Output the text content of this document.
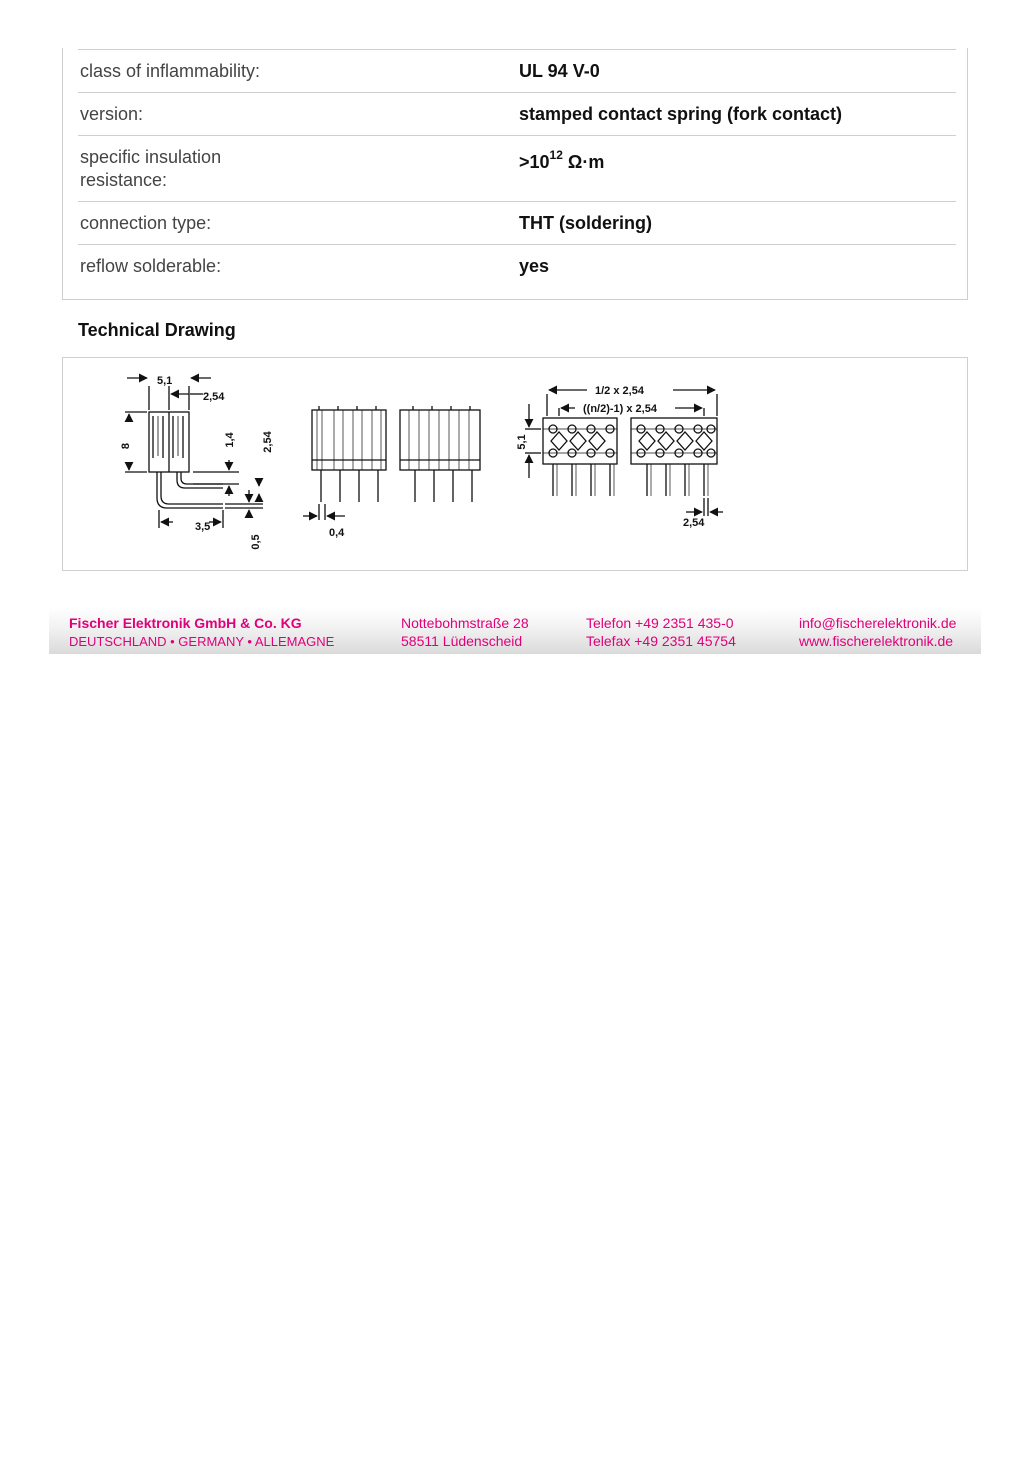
class of inflammability:	UL 94 V-0
version:	stamped contact spring (fork contact)
specific insulation resistance:
$>10^{12}$ Ω·m
connection type:	THT (soldering)
reflow solderable:	yes
Technical Drawing
5,1
2,54
8	1,4 2,54
3,5
0,5
0,4
1/2 x 2,54
((n/2)-1) x 2,54
5,1
2,54
Fischer Elektronik GmbH & Co. KG
DEUTSCHLAND • GERMANY • ALLEMAGNE
Nottebohmstraße 28
58511 Lüdenscheid
Telefon +49 2351 435-0
Telefax +49 2351 45754
info@fischerelektronik.de
www.fischerelektronik.de
